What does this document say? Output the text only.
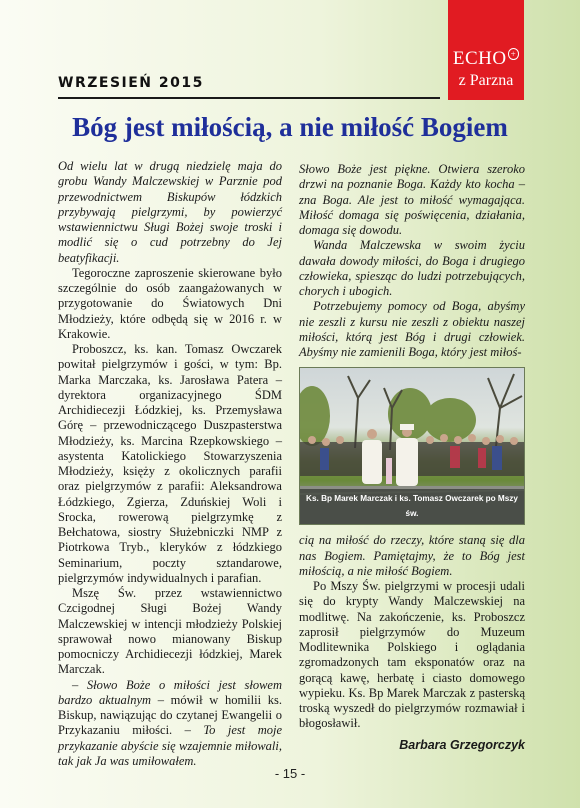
ECHO +
z Parzna
WRZESIEŃ 2015
Bóg jest miłością, a nie miłość Bogiem

Od wielu lat w drugą niedzielę maja do grobu Wandy Malczewskiej w Parznie pod przewodnictwem Biskupów łódzkich przybywają pielgrzymi, by powierzyć wstawiennictwu Sługi Bożej swoje troski i modlić się o cud potrzebny do Jej beatyfikacji.

Tegoroczne zaproszenie skierowane było szczególnie do osób zaangażowanych w przygotowanie do Światowych Dni Młodzieży, które odbędą się w 2016 r. w Krakowie.

Proboszcz, ks. kan. Tomasz Owczarek powitał pielgrzymów i gości, w tym: Bp. Marka Marczaka, ks. Jarosława Patera – dyrektora organizacyjnego ŚDM Archidiecezji Łódzkiej, ks. Przemysława Górę – przewodniczącego Duszpasterstwa Młodzieży, ks. Marcina Rzepkowskiego – asystenta Katolickiego Stowarzyszenia Młodzieży, księży z okolicznych parafii oraz pielgrzymów z parafii: Aleksandrowa Łódzkiego, Zgierza, Zduńskiej Woli i Srocka, rowerową pielgrzymkę z Bełchatowa, siostry Służebniczki NMP z Piotrkowa Tryb., kleryków z łódzkiego Seminarium, poczty sztandarowe, pielgrzymów indywidualnych i parafian.

Mszę Św. przez wstawiennictwo Czcigodnej Sługi Bożej Wandy Malczewskiej w intencji młodzieży Polskiej sprawował nowo mianowany Biskup pomocniczy Archidiecezji łódzkiej, Marek Marczak.

– Słowo Boże o miłości jest słowem bardzo aktualnym – mówił w homilii ks. Biskup, nawiązując do czytanej Ewangelii o Przykazaniu miłości. – To jest moje przykazanie abyście się wzajemnie miłowali, tak jak Ja was umiłowałem.

Słowo Boże jest piękne. Otwiera szeroko drzwi na poznanie Boga. Każdy kto kocha – zna Boga. Ale jest to miłość wymagająca. Miłość domaga się poświęcenia, działania, domaga się dowodu.

Wanda Malczewska w swoim życiu dawała dowody miłości, do Boga i drugiego człowieka, spiesząc do ludzi potrzebujących, chorych i ubogich.

Potrzebujemy pomocy od Boga, abyśmy nie zeszli z kursu nie zeszli z obiektu naszej miłości, którą jest Bóg i drugi człowiek. Abyśmy nie zamienili Boga, który jest miłoś-

Ks. Bp Marek Marczak i ks. Tomasz Owczarek po Mszy św.

cią na miłość do rzeczy, które staną się dla nas Bogiem. Pamiętajmy, że to Bóg jest miłością, a nie miłość Bogiem.

Po Mszy Św. pielgrzymi w procesji udali się do krypty Wandy Malczewskiej na modlitwę. Na zakończenie, ks. Proboszcz zaprosił pielgrzymów do Muzeum Modlitewnika Polskiego i oglądania zgromadzonych tam eksponatów oraz na gorącą kawę, herbatę i ciasto domowego wypieku. Ks. Bp Marek Marczak z pasterską troską wyszedł do pielgrzymów rozmawiał i błogosławił.

Barbara Grzegorczyk
- 15 -
